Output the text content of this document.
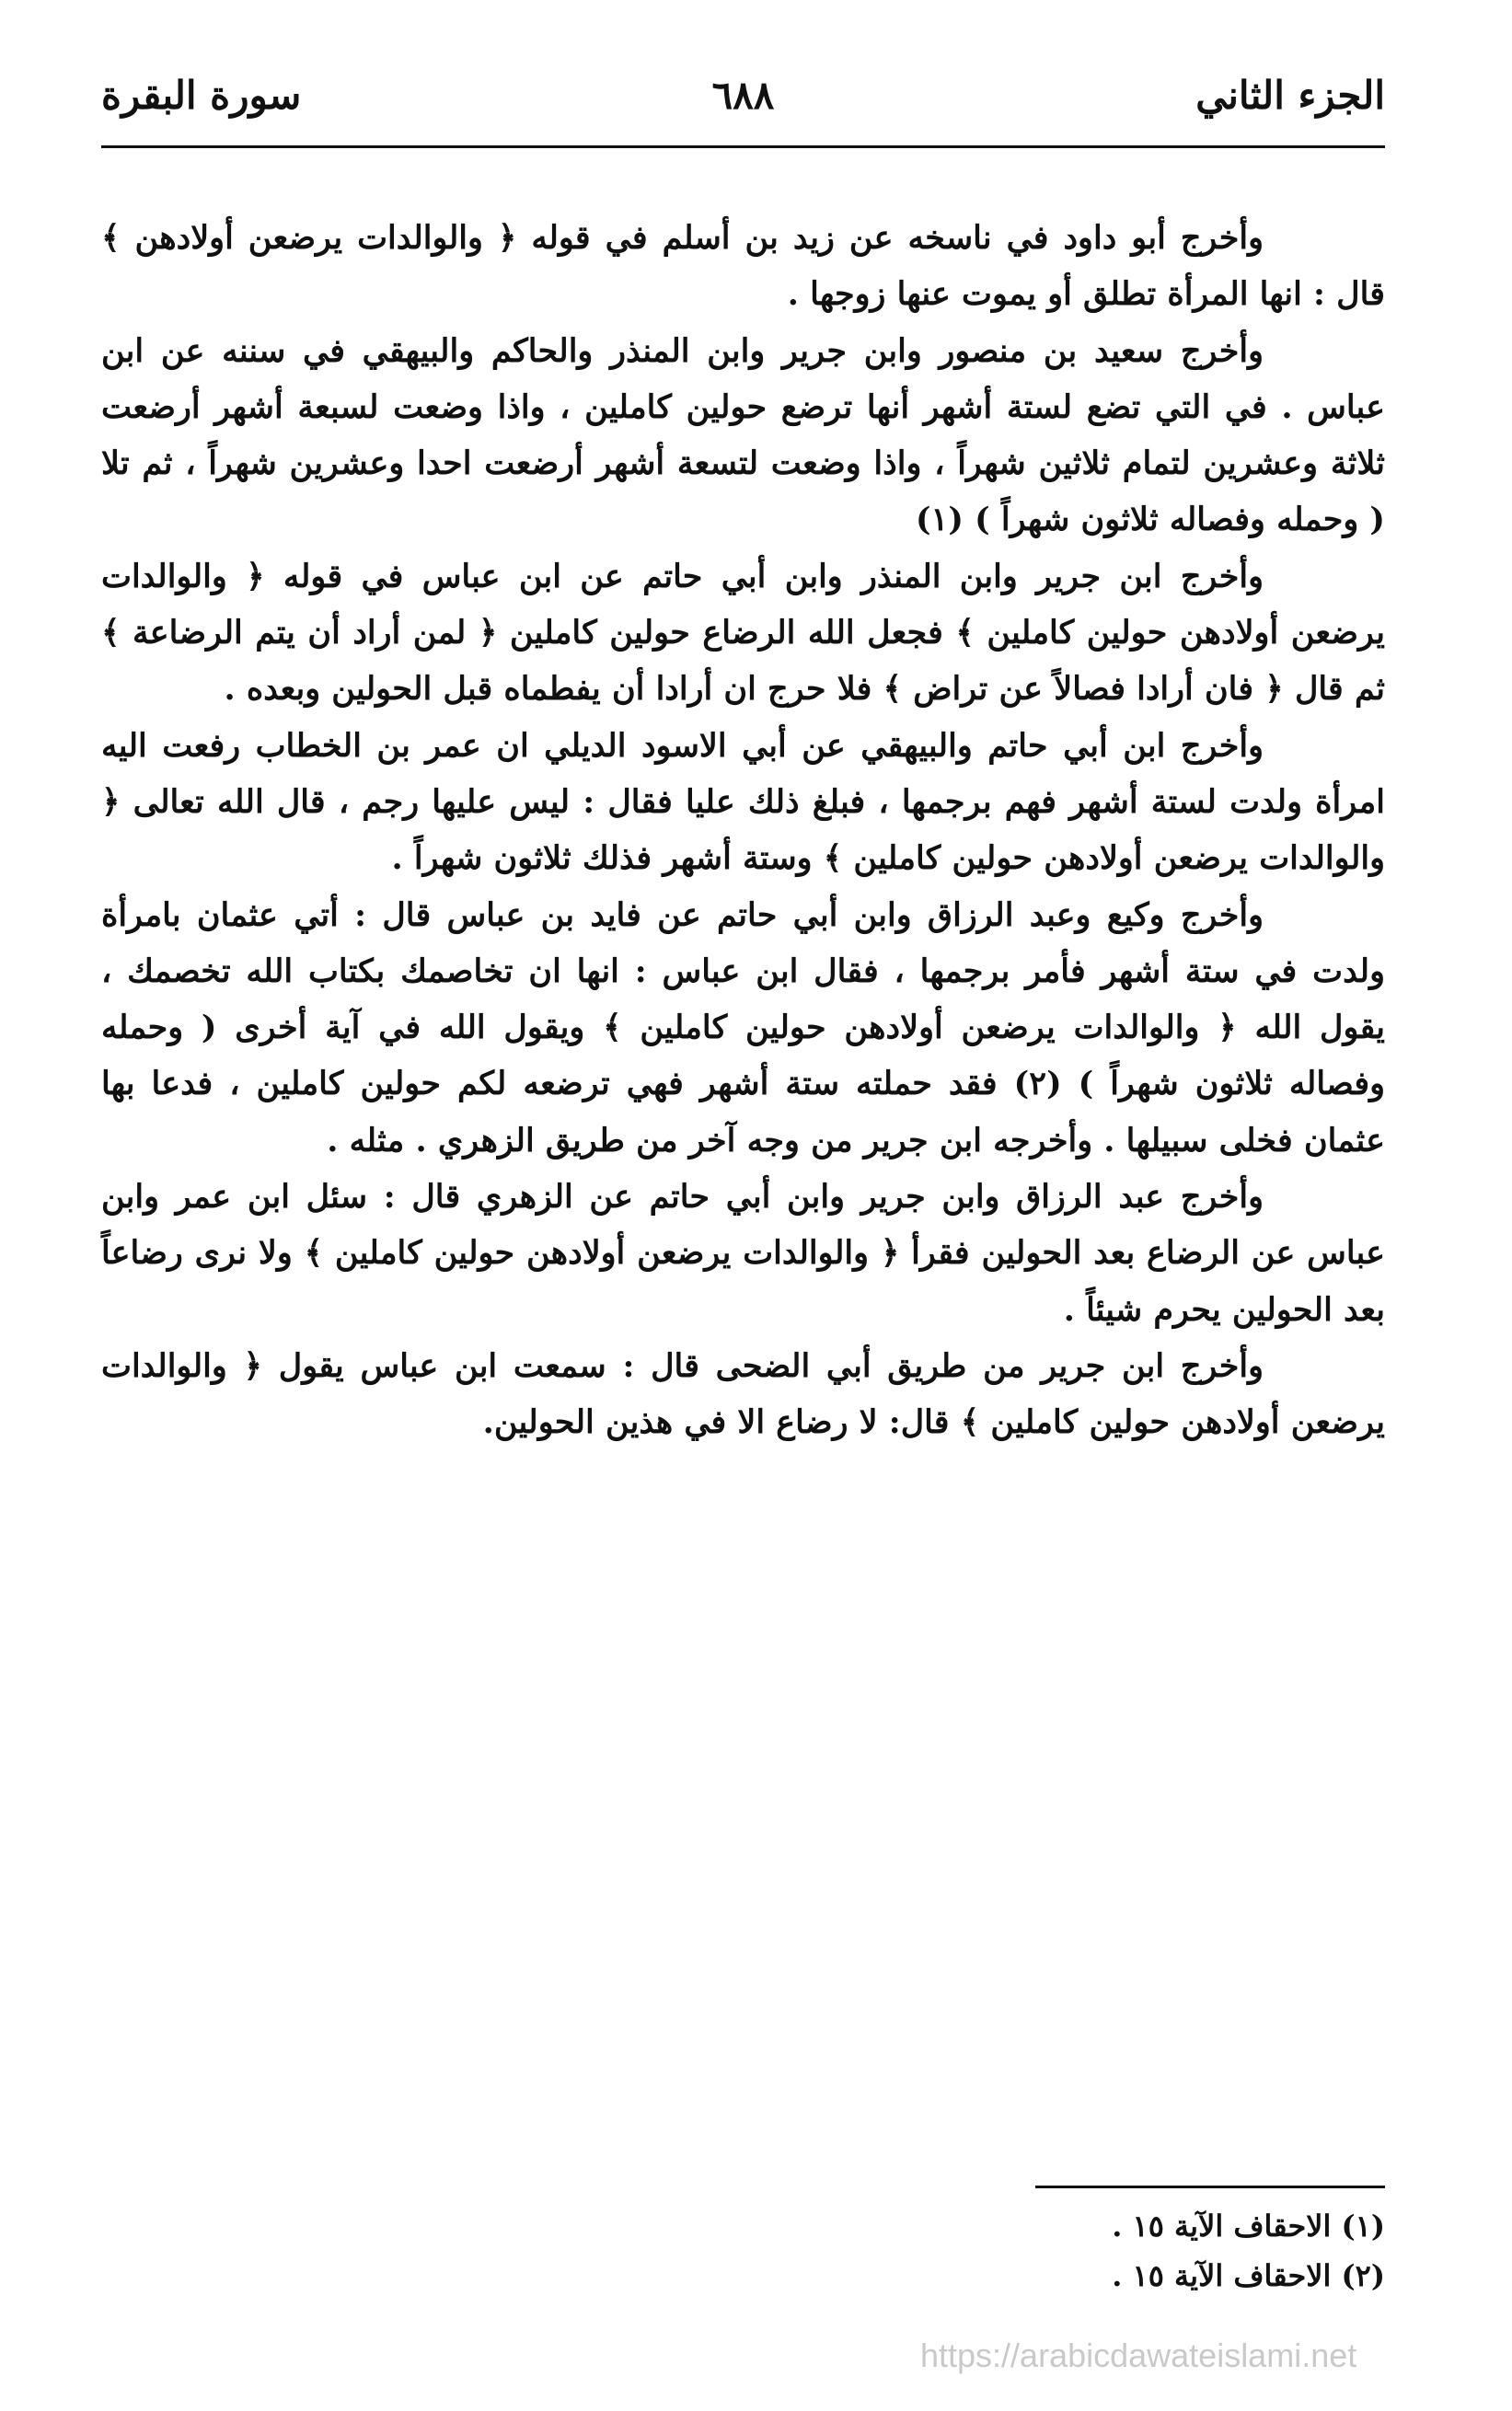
الجزء الثاني
٦٨٨
سورة البقرة

وأخرج أبو داود في ناسخه عن زيد بن أسلم في قوله ﴿ والوالدات يرضعن أولادهن ﴾ قال : انها المرأة تطلق أو يموت عنها زوجها .

وأخرج سعيد بن منصور وابن جرير وابن المنذر والحاكم والبيهقي في سننه عن ابن عباس . في التي تضع لستة أشهر أنها ترضع حولين كاملين ، واذا وضعت لسبعة أشهر أرضعت ثلاثة وعشرين لتمام ثلاثين شهراً ، واذا وضعت لتسعة أشهر أرضعت احدا وعشرين شهراً ، ثم تلا ( وحمله وفصاله ثلاثون شهراً ) (١)

وأخرج ابن جرير وابن المنذر وابن أبي حاتم عن ابن عباس في قوله ﴿ والوالدات يرضعن أولادهن حولين كاملين ﴾ فجعل الله الرضاع حولين كاملين ﴿ لمن أراد أن يتم الرضاعة ﴾ ثم قال ﴿ فان أرادا فصالاً عن تراض ﴾ فلا حرج ان أرادا أن يفطماه قبل الحولين وبعده .

وأخرج ابن أبي حاتم والبيهقي عن أبي الاسود الديلي ان عمر بن الخطاب رفعت اليه امرأة ولدت لستة أشهر فهم برجمها ، فبلغ ذلك عليا فقال : ليس عليها رجم ، قال الله تعالى ﴿ والوالدات يرضعن أولادهن حولين كاملين ﴾ وستة أشهر فذلك ثلاثون شهراً .

وأخرج وكيع وعبد الرزاق وابن أبي حاتم عن فايد بن عباس قال : أتي عثمان بامرأة ولدت في ستة أشهر فأمر برجمها ، فقال ابن عباس : انها ان تخاصمك بكتاب الله تخصمك ، يقول الله ﴿ والوالدات يرضعن أولادهن حولين كاملين ﴾ ويقول الله في آية أخرى ( وحمله وفصاله ثلاثون شهراً ) (٢) فقد حملته ستة أشهر فهي ترضعه لكم حولين كاملين ، فدعا بها عثمان فخلى سبيلها . وأخرجه ابن جرير من وجه آخر من طريق الزهري . مثله .

وأخرج عبد الرزاق وابن جرير وابن أبي حاتم عن الزهري قال : سئل ابن عمر وابن عباس عن الرضاع بعد الحولين فقرأ ﴿ والوالدات يرضعن أولادهن حولين كاملين ﴾ ولا نرى رضاعاً بعد الحولين يحرم شيئاً .

وأخرج ابن جرير من طريق أبي الضحى قال : سمعت ابن عباس يقول ﴿ والوالدات يرضعن أولادهن حولين كاملين ﴾ قال: لا رضاع الا في هذين الحولين.

(١) الاحقاف الآية ١٥ .
(٢) الاحقاف الآية ١٥ .
https://arabicdawateislami.net
